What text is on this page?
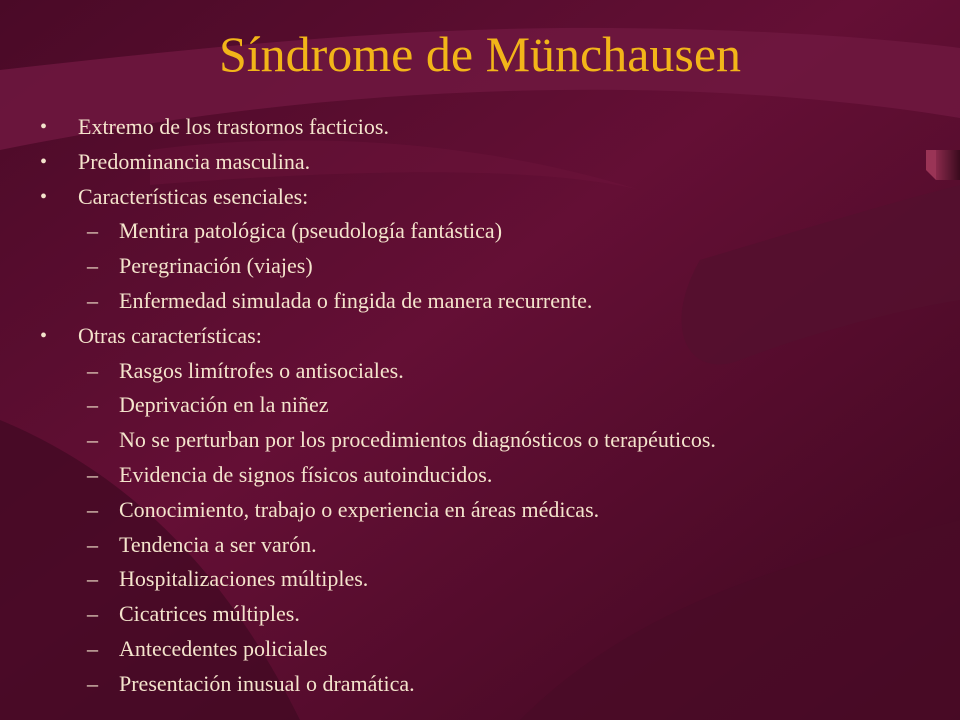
Síndrome de Münchausen
• Extremo de los trastornos facticios.
• Predominancia masculina.
• Características esenciales:
– Mentira patológica (pseudología fantástica)
– Peregrinación (viajes)
– Enfermedad simulada o fingida de manera recurrente.
• Otras características:
– Rasgos limítrofes o antisociales.
– Deprivación en la niñez
– No se perturban por los procedimientos diagnósticos o terapéuticos.
– Evidencia de signos físicos autoinducidos.
– Conocimiento, trabajo o experiencia en áreas médicas.
– Tendencia a ser varón.
– Hospitalizaciones múltiples.
– Cicatrices múltiples.
– Antecedentes policiales
– Presentación inusual o dramática.
